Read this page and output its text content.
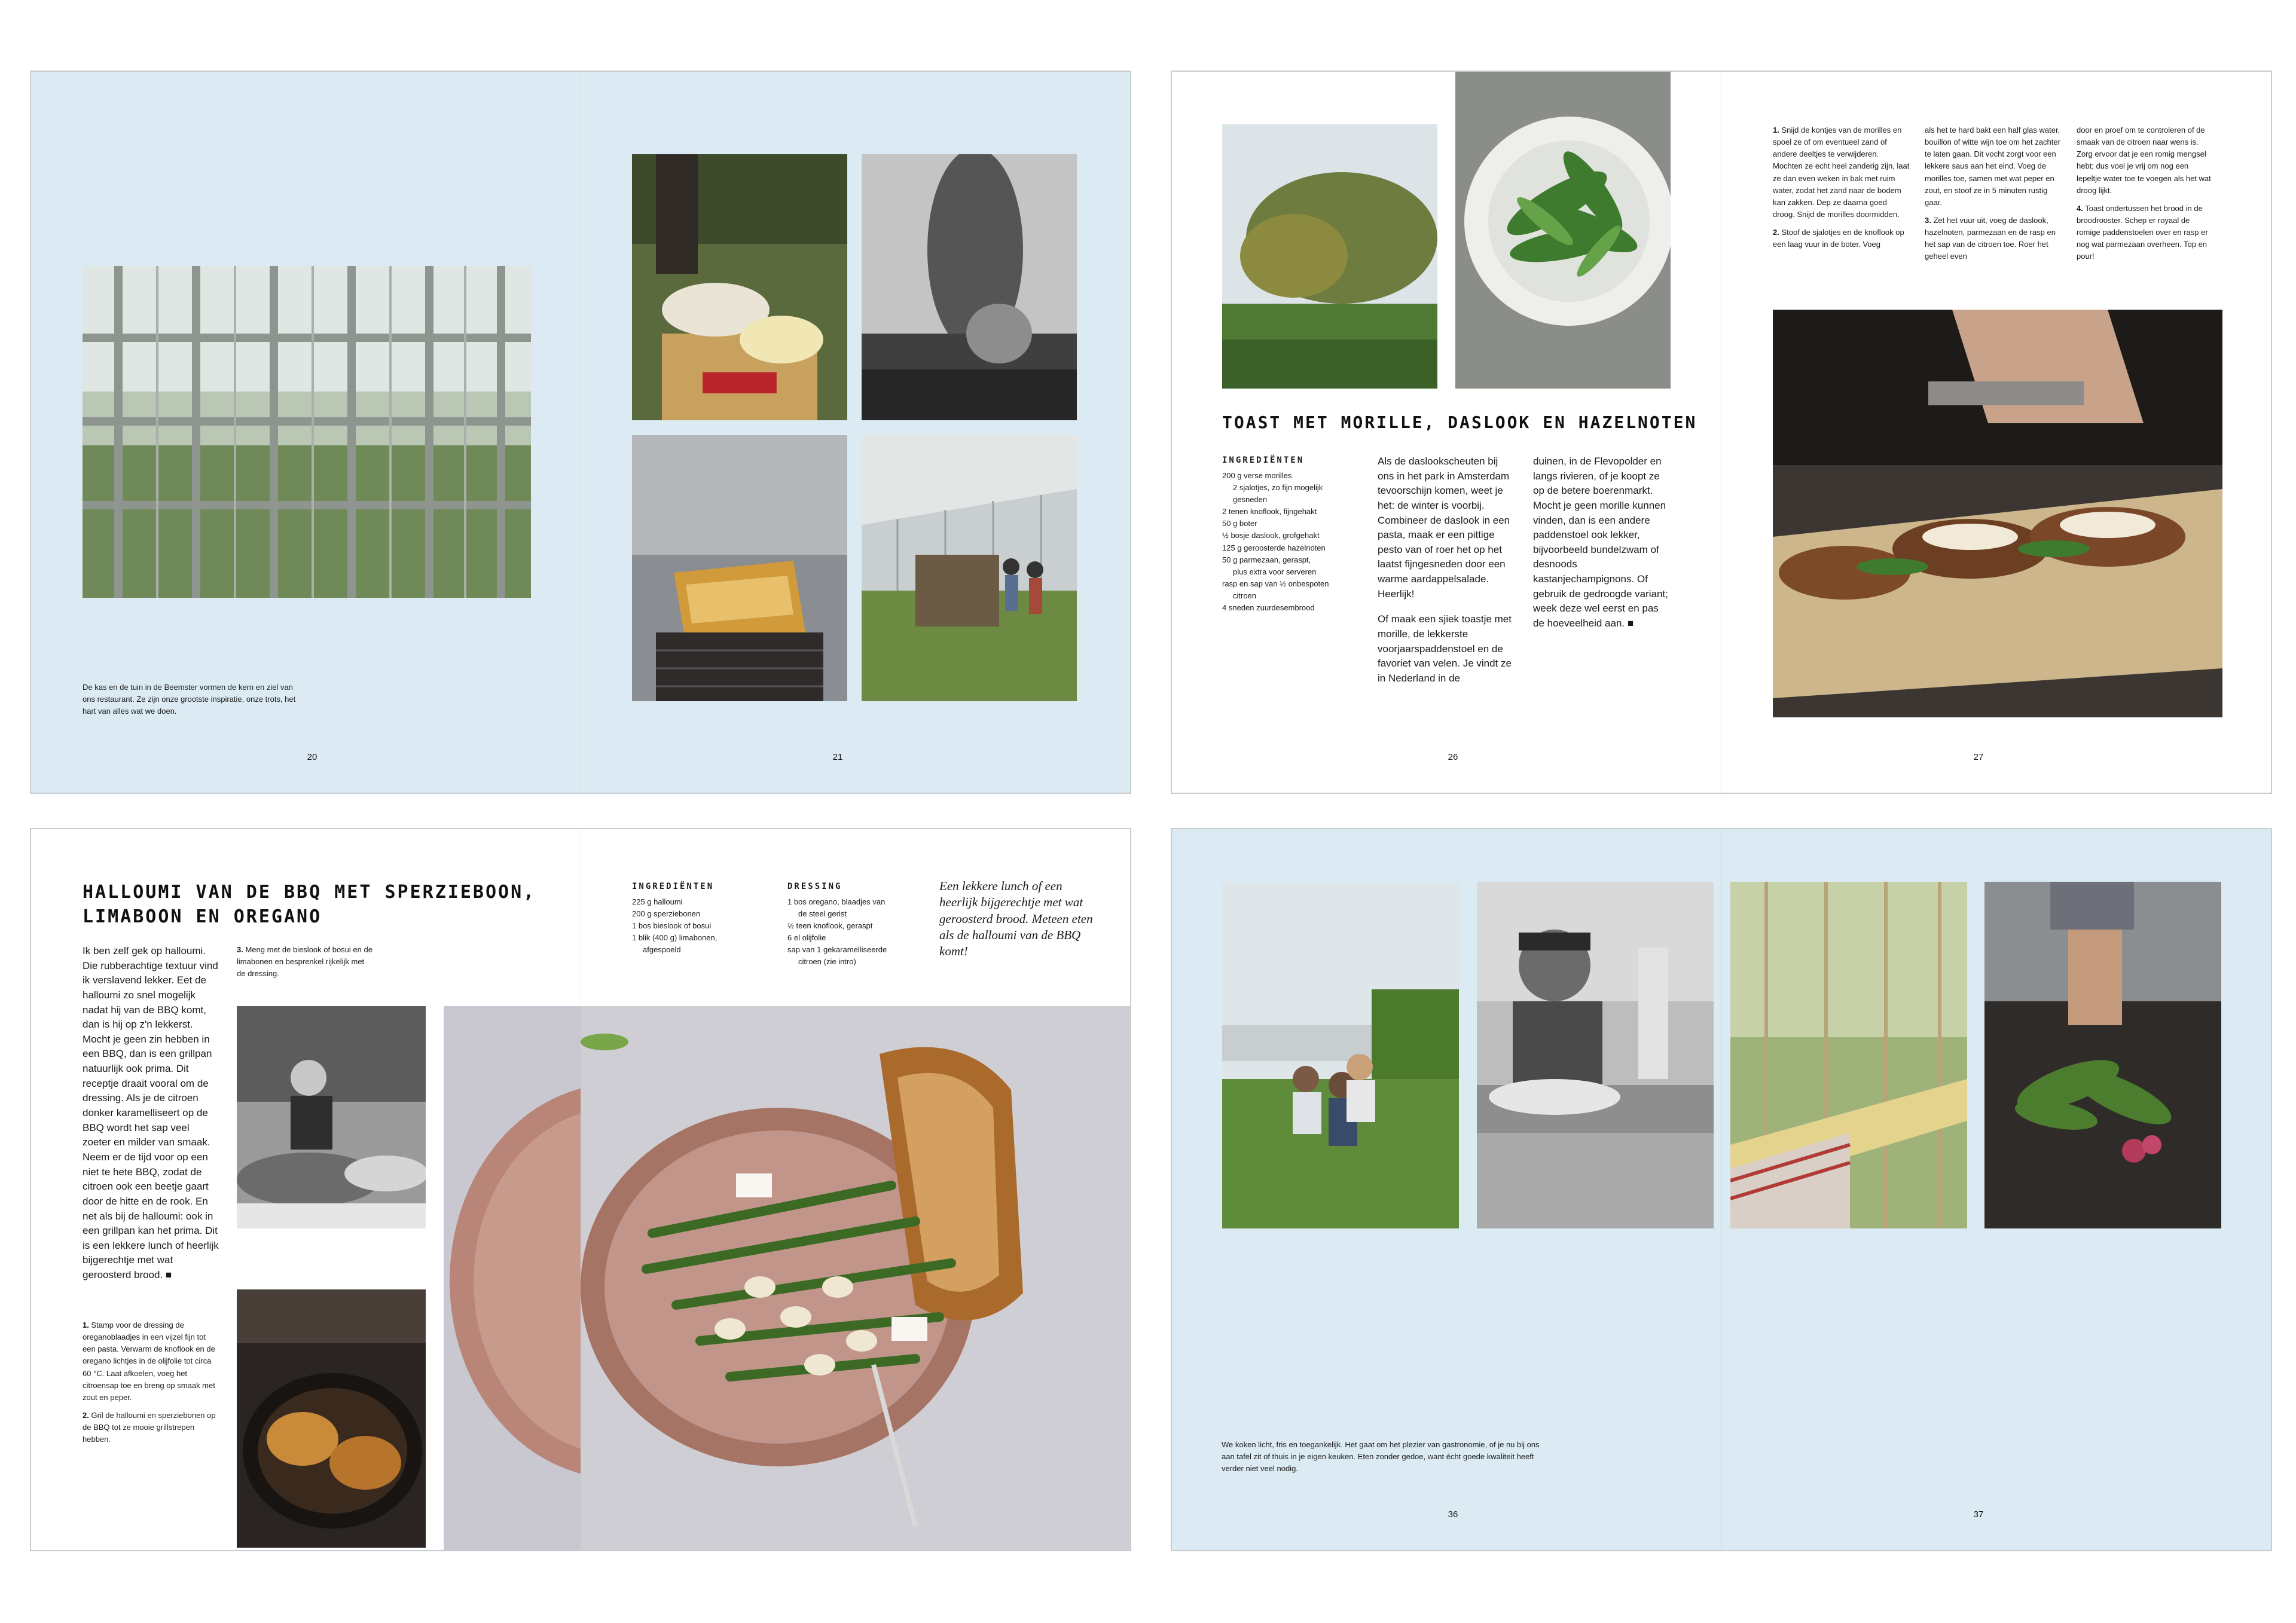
De kas en de tuin in de Beemster vormen de kern en ziel van ons restaurant. Ze zijn onze grootste inspiratie, onze trots, het hart van alles wat we doen.
20
▆▆▆▆
21
TOAST MET MORILLE, DASLOOK EN HAZELNOTEN
INGREDIËNTEN
200 g verse morilles
2 sjalotjes, zo fijn mogelijk
gesneden
2 tenen knoflook, fijngehakt
50 g boter
½ bosje daslook, grofgehakt
125 g geroosterde hazelnoten
50 g parmezaan, geraspt,
plus extra voor serveren
rasp en sap van ½ onbespoten
citroen
4 sneden zuurdesembrood

Als de daslookscheuten bij ons in het park in Amsterdam tevoorschijn komen, weet je het: de winter is voorbij. Combineer de daslook in een pasta, maak er een pittige pesto van of roer het op het laatst fijngesneden door een warme aardappelsalade. Heerlijk!

Of maak een sjiek toastje met morille, de lekkerste voorjaarspaddenstoel en de favoriet van velen. Je vindt ze in Nederland in de

duinen, in de Flevopolder en langs rivieren, of je koopt ze op de betere boerenmarkt. Mocht je geen morille kunnen vinden, dan is een andere paddenstoel ook lekker, bijvoorbeeld bundelzwam of desnoods kastanjechampignons. Of gebruik de gedroogde variant; week deze wel eerst en pas de hoeveelheid aan. ■
26

1. Snijd de kontjes van de morilles en spoel ze of om eventueel zand of andere deeltjes te verwijderen. Mochten ze echt heel zanderig zijn, laat ze dan even weken in bak met ruim water, zodat het zand naar de bodem kan zakken. Dep ze daarna goed droog. Snijd de morilles doormidden.

2. Stoof de sjalotjes en de knoflook op een laag vuur in de boter. Voeg

als het te hard bakt een half glas water, bouillon of witte wijn toe om het zachter te laten gaan. Dit vocht zorgt voor een lekkere saus aan het eind. Voeg de morilles toe, samen met wat peper en zout, en stoof ze in 5 minuten rustig gaar.

3. Zet het vuur uit, voeg de daslook, hazelnoten, parmezaan en de rasp en het sap van de citroen toe. Roer het geheel even

door en proef om te controleren of de smaak van de citroen naar wens is. Zorg ervoor dat je een romig mengsel hebt; dus voel je vrij om nog een lepeltje water toe te voegen als het wat droog lijkt.

4. Toast ondertussen het brood in de broodrooster. Schep er royaal de romige paddenstoelen over en rasp er nog wat parmezaan overheen. Top en pour!

27
HALLOUMI VAN DE BBQ MET SPERZIEBOON,
LIMABOON EN OREGANO
Ik ben zelf gek op halloumi. Die rubberachtige textuur vind ik verslavend lekker. Eet de halloumi zo snel mogelijk nadat hij van de BBQ komt, dan is hij op z'n lekkerst. Mocht je geen zin hebben in een BBQ, dan is een grillpan natuurlijk ook prima. Dit receptje draait vooral om de dressing. Als je de citroen donker karamelliseert op de BBQ wordt het sap veel zoeter en milder van smaak. Neem er de tijd voor op een niet te hete BBQ, zodat de citroen ook een beetje gaart door de hitte en de rook. En net als bij de halloumi: ook in een grillpan kan het prima. Dit is een lekkere lunch of heerlijk bijgerechtje met wat geroosterd brood. ■

1. Stamp voor de dressing de oreganoblaadjes in een vijzel fijn tot een pasta. Verwarm de knoflook en de oregano lichtjes in de olijfolie tot circa 60 °C. Laat afkoelen, voeg het citroensap toe en breng op smaak met zout en peper.

2. Gril de halloumi en sperziebonen op de BBQ tot ze mooie grillstrepen hebben.

3. Meng met de bieslook of bosui en de limabonen en besprenkel rijkelijk met de dressing.

INGREDIËNTEN
225 g halloumi
200 g sperziebonen
1 bos bieslook of bosui
1 blik (400 g) limabonen,
afgespoeld
DRESSING
1 bos oregano, blaadjes van
de steel gerist
½ teen knoflook, geraspt
6 el olijfolie
sap van 1 gekaramelliseerde
citroen (zie intro)
Een lekkere lunch of een heerlijk bijgerechtje met wat geroosterd brood. Meteen eten als de halloumi van de BBQ komt!
36
We koken licht, fris en toegankelijk. Het gaat om het plezier van gastronomie, of je nu bij ons aan tafel zit of thuis in je eigen keuken. Eten zonder gedoe, want écht goede kwaliteit heeft verder niet veel nodig.
37
